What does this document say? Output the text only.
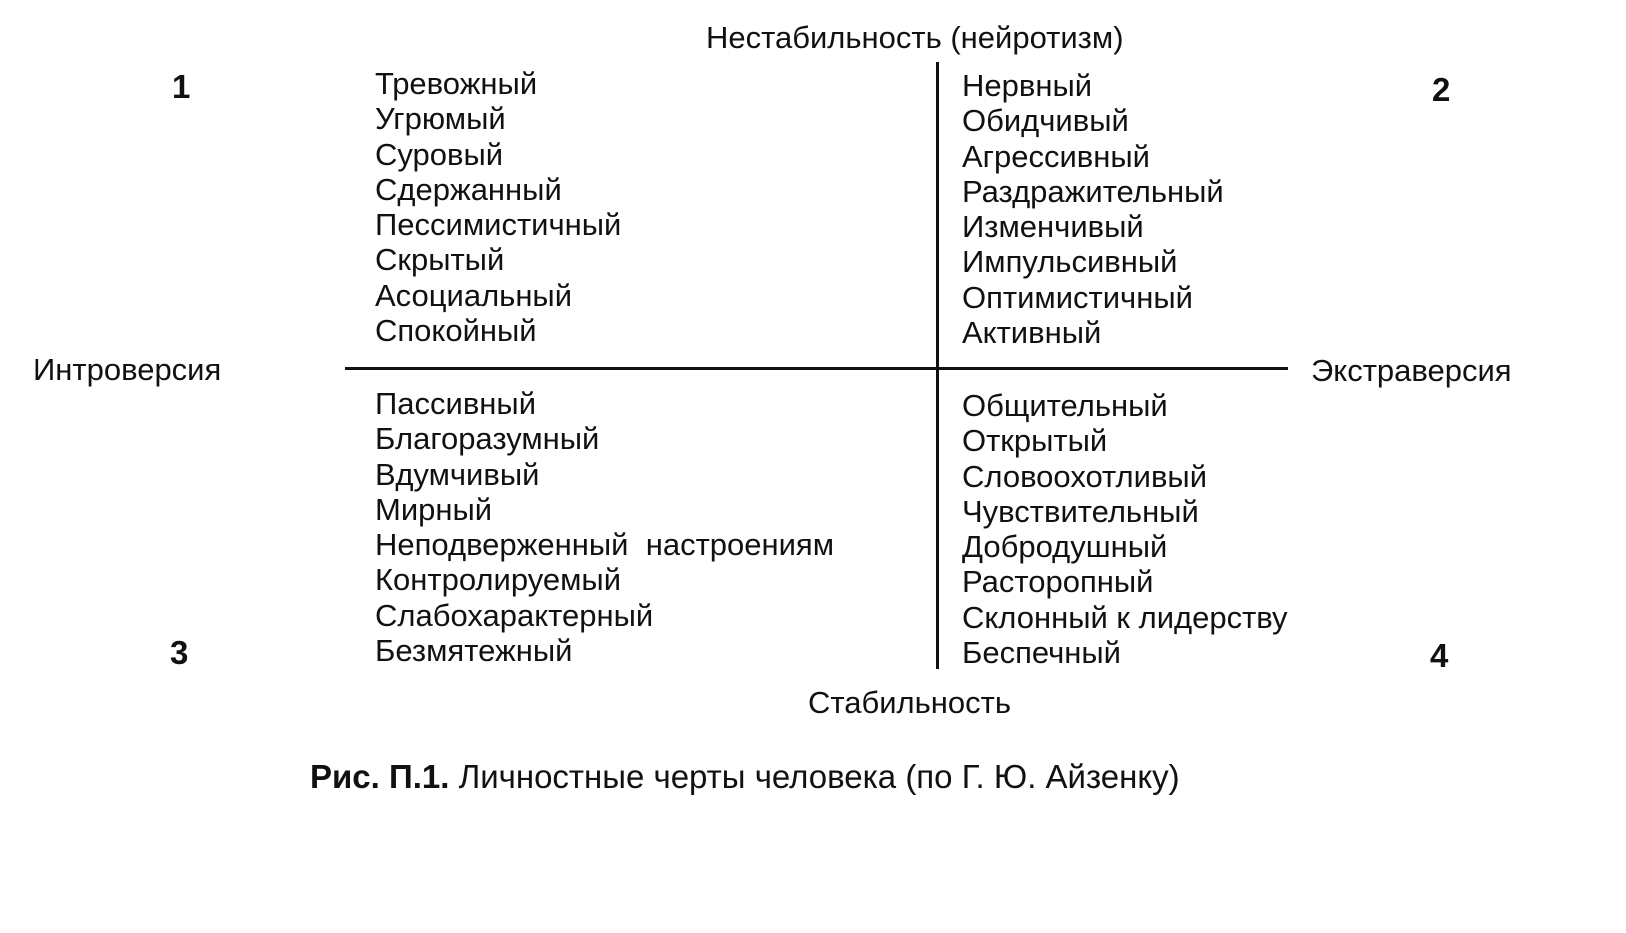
Нестабильность (нейротизм)
Стабильность
Интроверсия	Экстраверсия
1	2
3	4
Тревожный
Угрюмый
Суровый
Сдержанный
Пессимистичный
Скрытый
Асоциальный
Спокойный
Нервный
Обидчивый
Агрессивный
Раздражительный
Изменчивый
Импульсивный
Оптимистичный
Активный
Пассивный
Благоразумный
Вдумчивый
Мирный
Неподверженный  настроениям
Контролируемый
Слабохарактерный
Безмятежный
Общительный
Открытый
Словоохотливый
Чувствительный
Добродушный
Расторопный
Склонный к лидерству
Беспечный
Рис. П.1. Личностные черты человека (по Г. Ю. Айзенку)
